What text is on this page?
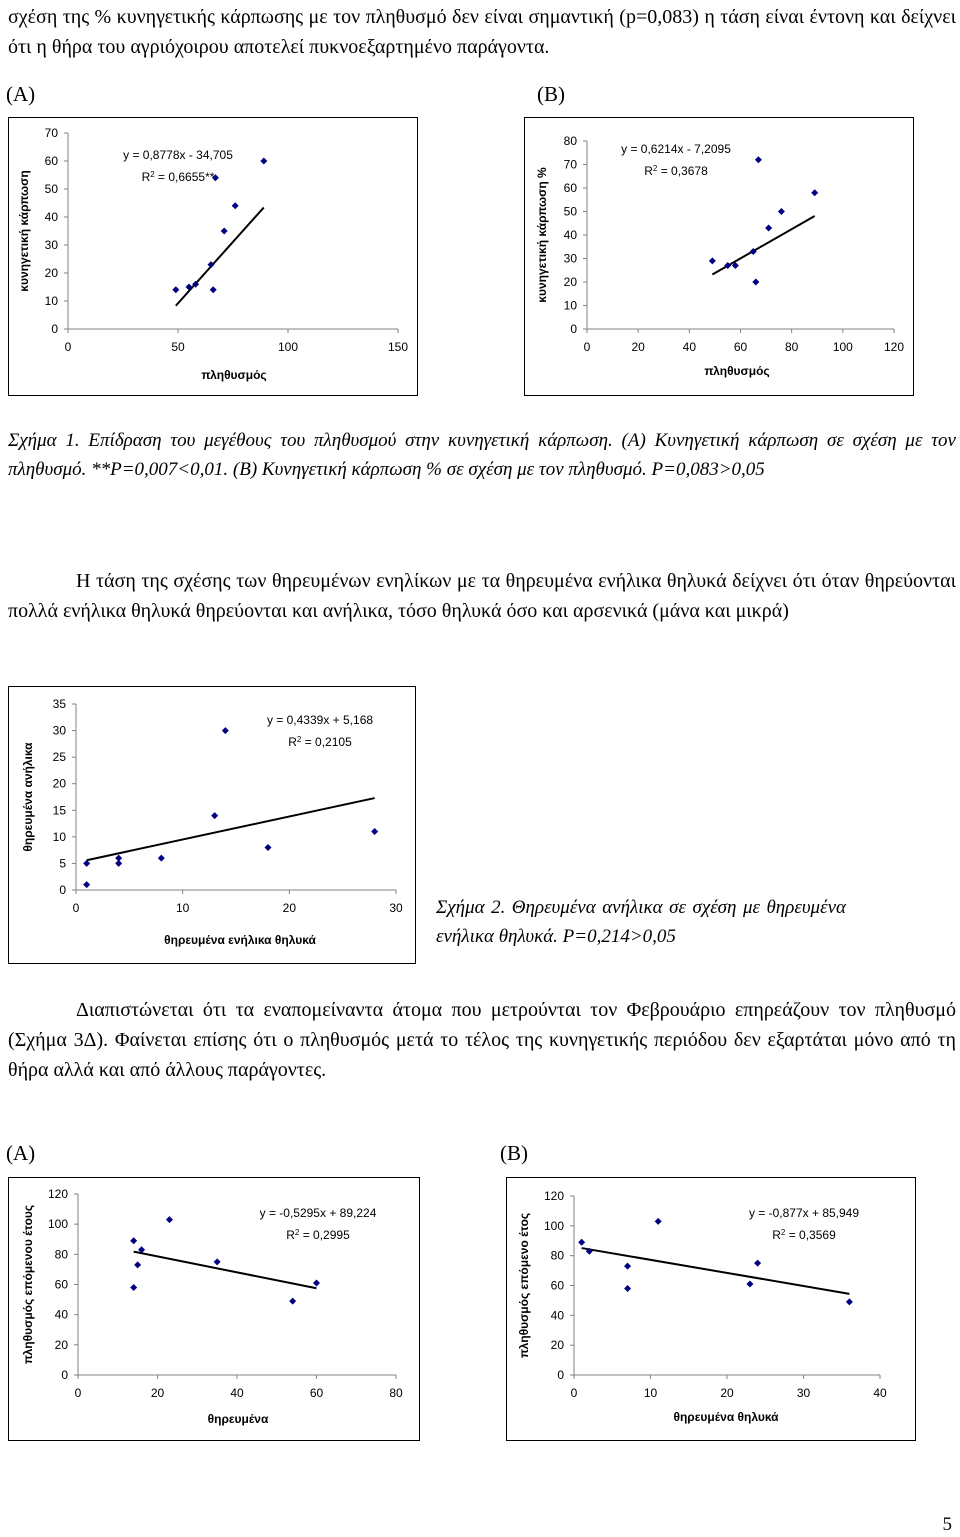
σχέση της % κυνηγετικής κάρπωσης με τον πληθυσμό δεν είναι σημαντική (p=0,083) η τάση είναι έντονη και δείχνει ότι η θήρα του αγριόχοιρου αποτελεί πυκνοεξαρτημένο παράγοντα.
(Α)	(Β)
0
10
20
30
40
50
60
70
0	50	100	150
πληθυσμός
κυνηγετική κάρπωση
y = 0,8778x - 34,705
$R^2 = 0,6655**$
0
10
20
30
40
50
60
70
80
0	20	40	60	80	100	120
πληθυσμός
κυνηγετική κάρπωση %
y = 0,6214x - 7,2095
$R^2 = 0,3678$
Σχήμα 1. Επίδραση του μεγέθους του πληθυσμού στην κυνηγετική κάρπωση. (Α) Κυνηγετική κάρπωση σε σχέση με τον πληθυσμό. **P=0,007<0,01. (Β) Κυνηγετική κάρπωση % σε σχέση με τον πληθυσμό. P=0,083>0,05
Η τάση της σχέσης των θηρευμένων ενηλίκων με τα θηρευμένα ενήλικα θηλυκά δείχνει ότι όταν θηρεύονται πολλά ενήλικα θηλυκά θηρεύονται και ανήλικα, τόσο θηλυκά όσο και αρσενικά (μάνα και μικρά)
0
5
10
15
20
25
30
35
0	10	20	30
θηρευμένα ενήλικα θηλυκά
θηρευμένα ανήλικα
y = 0,4339x + 5,168
$R^2 = 0,2105$
Σχήμα 2. Θηρευμένα ανήλικα σε σχέση με θηρευμένα ενήλικα θηλυκά. P=0,214>0,05
Διαπιστώνεται ότι τα εναπομείναντα άτομα που μετρούνται τον Φεβρουάριο επηρεάζουν τον πληθυσμό (Σχήμα 3Δ). Φαίνεται επίσης ότι ο πληθυσμός μετά το τέλος της κυνηγετικής περιόδου δεν εξαρτάται μόνο από τη θήρα αλλά και από άλλους παράγοντες.
(Α)	(Β)
0
20
40
60
80
100
120
0	20	40	60	80
θηρευμένα
πληθυσμός επόμενου έτους	y = -0,5295x + 89,224
$R^2 = 0,2995$
0
20
40
60
80
100
120
0	10	20	30	40
θηρευμένα θηλυκά
πληθυσμός επόμενο έτος	y = -0,877x + 85,949
$R^2 = 0,3569$
5
